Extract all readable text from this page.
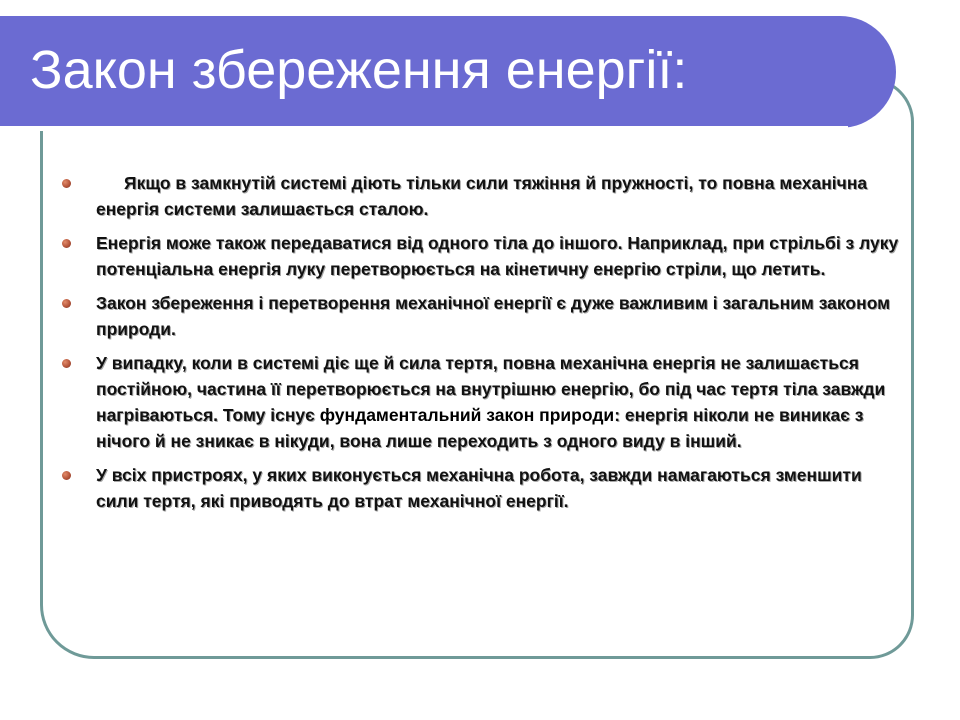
Закон збереження енергії:
Якщо в замкнутій системі діють тільки сили тяжіння й пружності, то повна механічна енергія системи залишається сталою.
Енергія може також передаватися від одного тіла до іншого. Наприклад, при стрільбі з луку потенціальна енергія луку перетворюється на кінетичну енергію стріли, що летить.
Закон збереження і перетворення механічної енергії є дуже важливим і загальним законом природи.
У випадку, коли в системі діє ще й сила тертя, повна механічна енергія не залишається постійною, частина її перетворюється на внутрішню енергію, бо під час тертя тіла завжди нагріваються. Тому існує фундаментальний закон природи: енергія ніколи не виникає з нічого й не зникає в нікуди, вона лише переходить з одного виду в інший.
У всіх пристроях, у яких виконується механічна робота, завжди намагаються зменшити сили тертя, які приводять до втрат механічної енергії.
